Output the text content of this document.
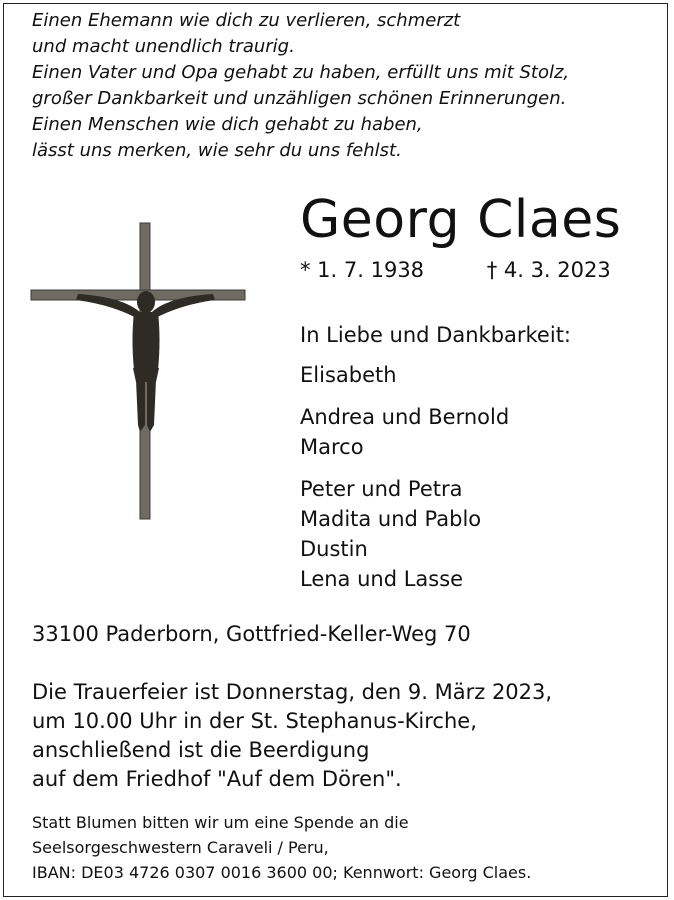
Einen Ehemann wie dich zu verlieren, schmerzt
und macht unendlich traurig.
Einen Vater und Opa gehabt zu haben, erfüllt uns mit Stolz,
großer Dankbarkeit und unzähligen schönen Erinnerungen.
Einen Menschen wie dich gehabt zu haben,
lässt uns merken, wie sehr du uns fehlst.
Georg Claes
* 1. 7. 1938	† 4. 3. 2023
In Liebe und Dankbarkeit:
Elisabeth
Andrea und Bernold
Marco
Peter und Petra
Madita und Pablo
Dustin
Lena und Lasse
33100 Paderborn, Gottfried-Keller-Weg 70
Die Trauerfeier ist Donnerstag, den 9. März 2023,
um 10.00 Uhr in der St. Stephanus-Kirche,
anschließend ist die Beerdigung
auf dem Friedhof "Auf dem Dören".
Statt Blumen bitten wir um eine Spende an die
Seelsorgeschwestern Caraveli / Peru,
IBAN: DE03 4726 0307 0016 3600 00; Kennwort: Georg Claes.
